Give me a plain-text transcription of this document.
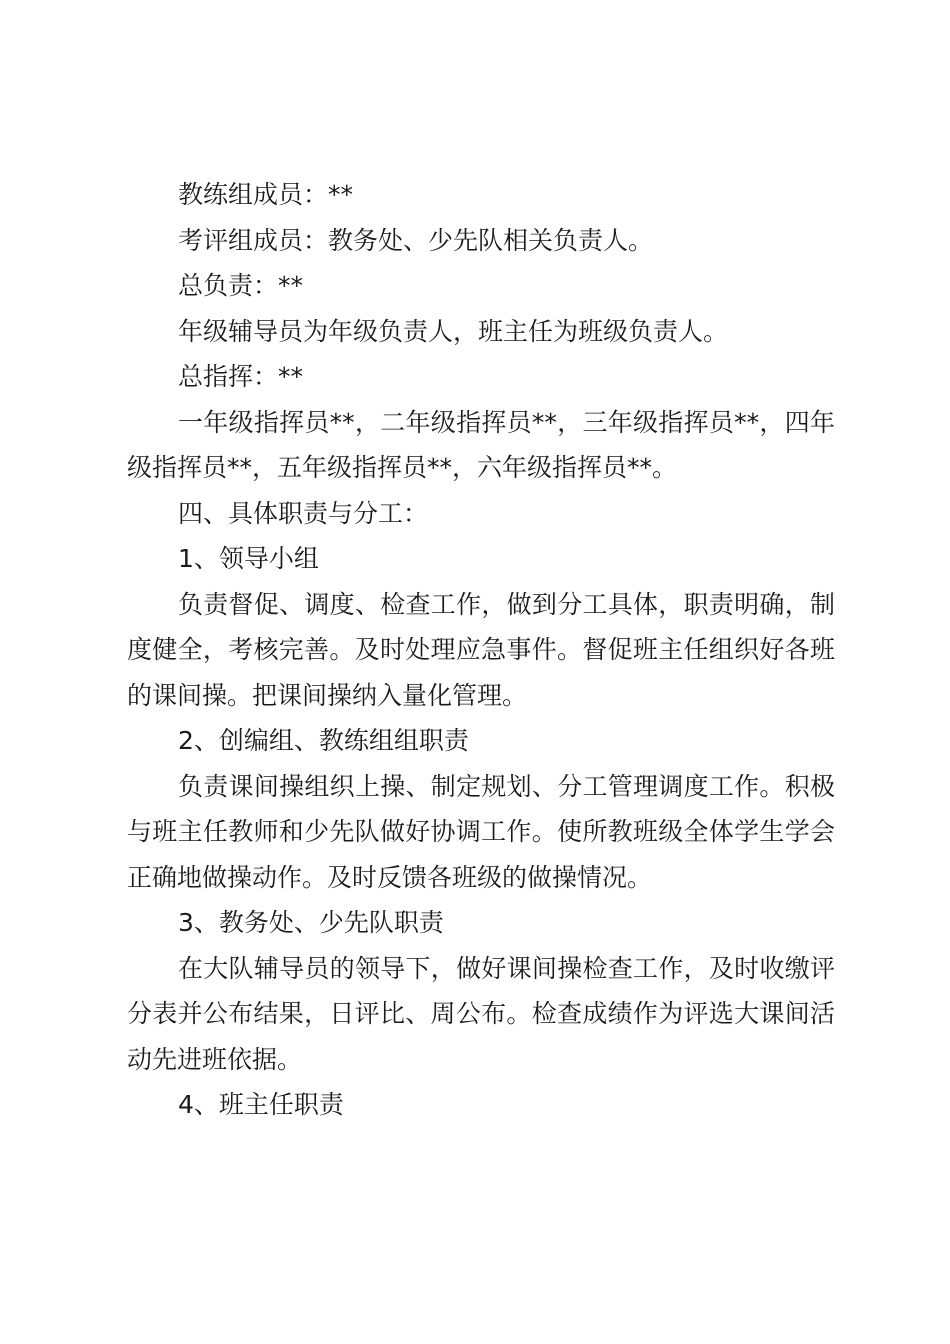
教练组成员：**

考评组成员：教务处、少先队相关负责人。

总负责：**

年级辅导员为年级负责人，班主任为班级负责人。

总指挥：**

一年级指挥员**，二年级指挥员**，三年级指挥员**，四年级指挥员**，五年级指挥员**，六年级指挥员**。

四、具体职责与分工：

1、领导小组

负责督促、调度、检查工作，做到分工具体，职责明确，制度健全，考核完善。及时处理应急事件。督促班主任组织好各班的课间操。把课间操纳入量化管理。

2、创编组、教练组组职责

负责课间操组织上操、制定规划、分工管理调度工作。积极与班主任教师和少先队做好协调工作。使所教班级全体学生学会正确地做操动作。及时反馈各班级的做操情况。

3、教务处、少先队职责

在大队辅导员的领导下，做好课间操检查工作，及时收缴评分表并公布结果，日评比、周公布。检查成绩作为评选大课间活动先进班依据。

4、班主任职责
